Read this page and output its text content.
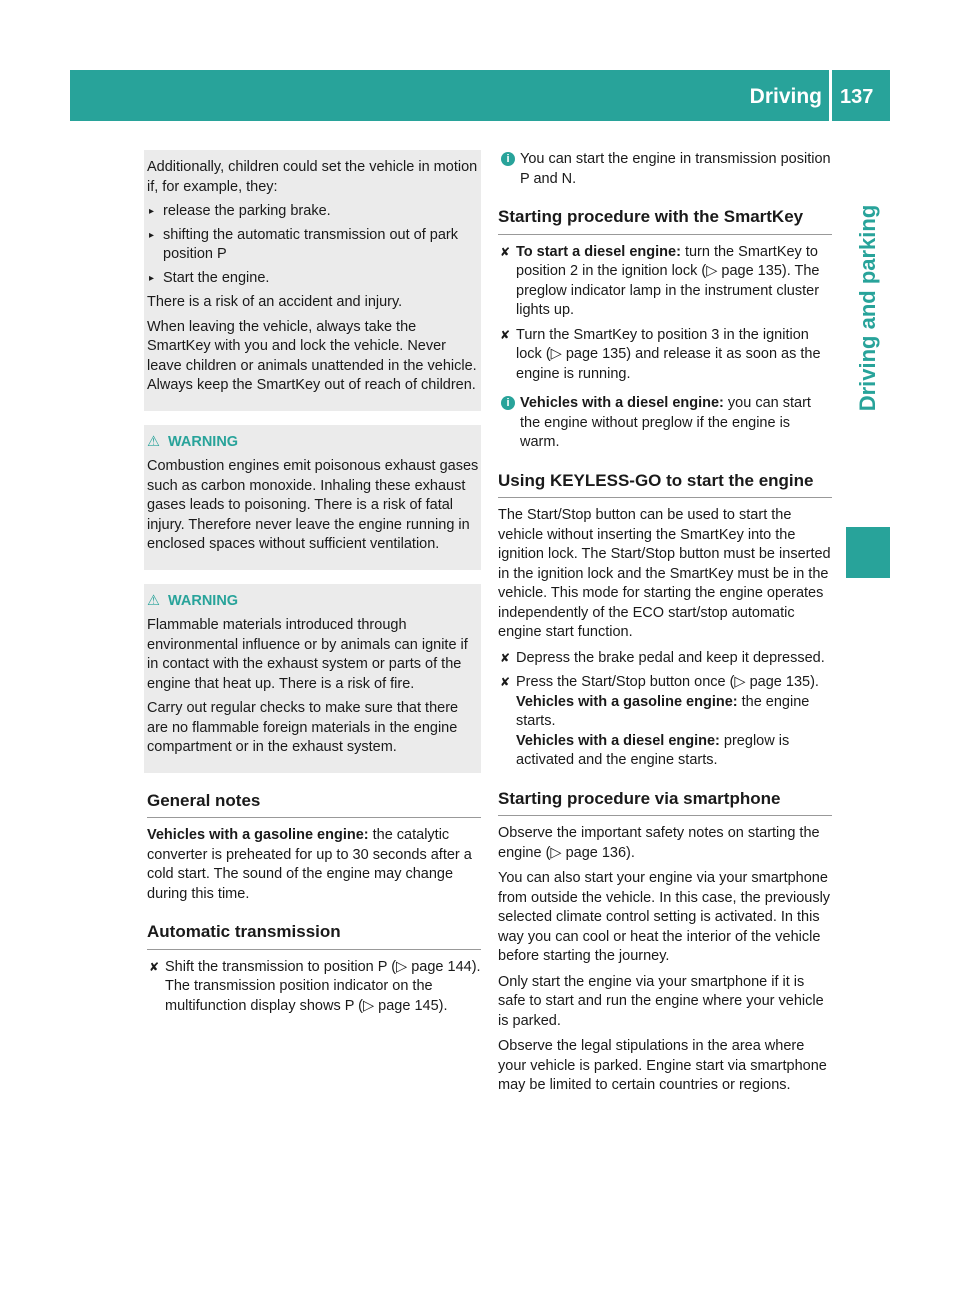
Driving 137
Driving and parking

Additionally, children could set the vehicle in motion if, for example, they:

▸ release the parking brake.
▸ shifting the automatic transmission out of park position P
▸ Start the engine.

There is a risk of an accident and injury.

When leaving the vehicle, always take the SmartKey with you and lock the vehicle. Never leave children or animals unattended in the vehicle. Always keep the SmartKey out of reach of children.

⚠ WARNING

Combustion engines emit poisonous exhaust gases such as carbon monoxide. Inhaling these exhaust gases leads to poisoning. There is a risk of fatal injury. Therefore never leave the engine running in enclosed spaces without sufficient ventilation.

⚠ WARNING

Flammable materials introduced through environmental influence or by animals can ignite if in contact with the exhaust system or parts of the engine that heat up. There is a risk of fire.

Carry out regular checks to make sure that there are no flammable foreign materials in the engine compartment or in the exhaust system.

General notes

Vehicles with a gasoline engine: the catalytic converter is preheated for up to 30 seconds after a cold start. The sound of the engine may change during this time.

Automatic transmission
✘ Shift the transmission to position P (▷ page 144). The transmission position indicator on the multifunction display shows P (▷ page 145).
i You can start the engine in transmission position P and N.
Starting procedure with the SmartKey
✘ To start a diesel engine: turn the SmartKey to position 2 in the ignition lock (▷ page 135). The preglow indicator lamp in the instrument cluster lights up.
✘ Turn the SmartKey to position 3 in the ignition lock (▷ page 135) and release it as soon as the engine is running.
i Vehicles with a diesel engine: you can start the engine without preglow if the engine is warm.
Using KEYLESS-GO to start the engine

The Start/Stop button can be used to start the vehicle without inserting the SmartKey into the ignition lock. The Start/Stop button must be inserted in the ignition lock and the SmartKey must be in the vehicle. This mode for starting the engine operates independently of the ECO start/stop automatic engine start function.

✘ Depress the brake pedal and keep it depressed.
✘ Press the Start/Stop button once (▷ page 135).
Vehicles with a gasoline engine: the engine starts.
Vehicles with a diesel engine: preglow is activated and the engine starts.
Starting procedure via smartphone

Observe the important safety notes on starting the engine (▷ page 136).

You can also start your engine via your smartphone from outside the vehicle. In this case, the previously selected climate control setting is activated. In this way you can cool or heat the interior of the vehicle before starting the journey.

Only start the engine via your smartphone if it is safe to start and run the engine where your vehicle is parked.

Observe the legal stipulations in the area where your vehicle is parked. Engine start via smartphone may be limited to certain countries or regions.
